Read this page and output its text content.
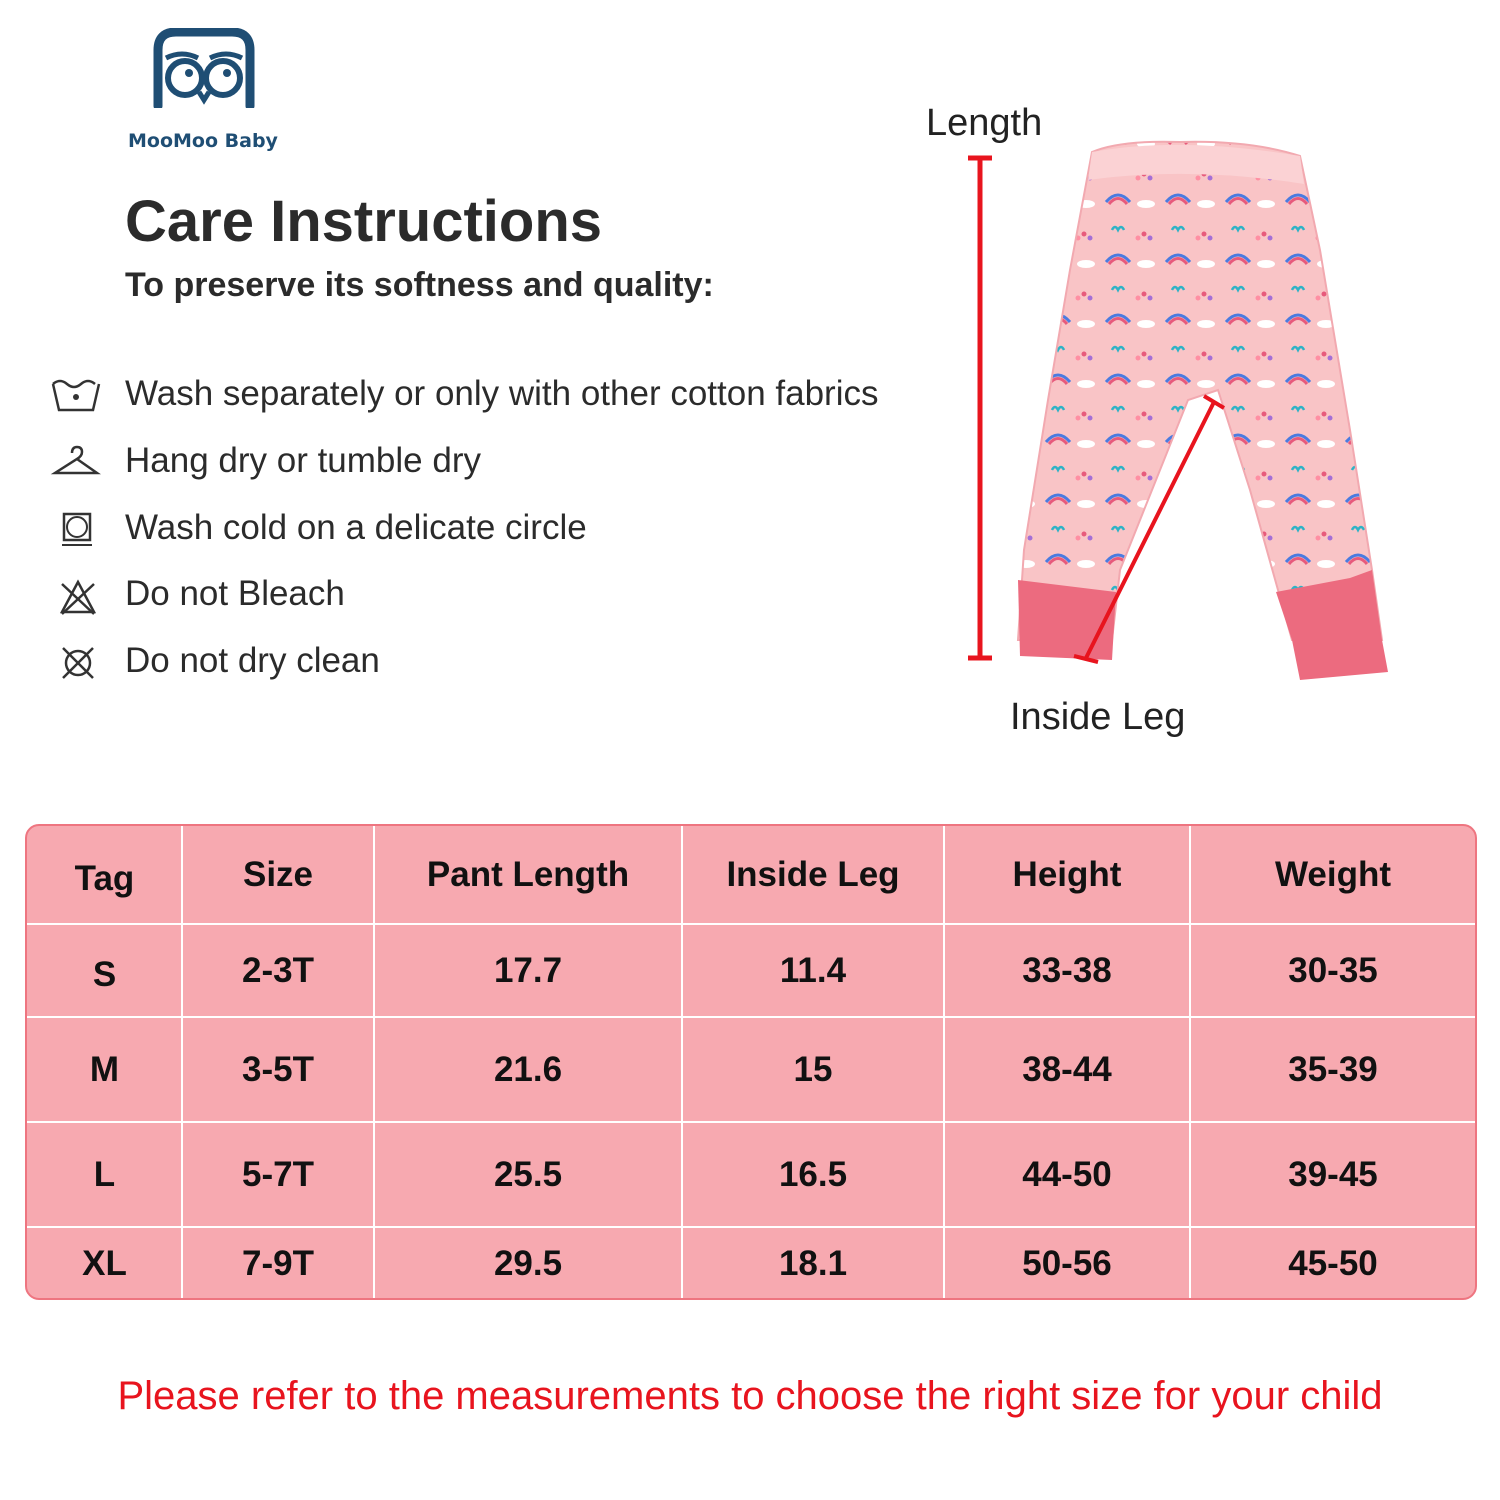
MooMoo Baby
Care Instructions
To preserve its softness and quality:
Wash separately or only with other cotton fabrics
Hang dry or tumble dry
Wash cold on a delicate circle
Do not Bleach
Do not dry clean
Length
Inside Leg
Tag	Size	Pant Length	Inside Leg	Height	Weight
S	2-3T	17.7	11.4	33-38	30-35
M	3-5T	21.6	15	38-44	35-39
L	5-7T	25.5	16.5	44-50	39-45
XL	7-9T	29.5	18.1	50-56	45-50
Please refer to the measurements to choose the right size for your child
